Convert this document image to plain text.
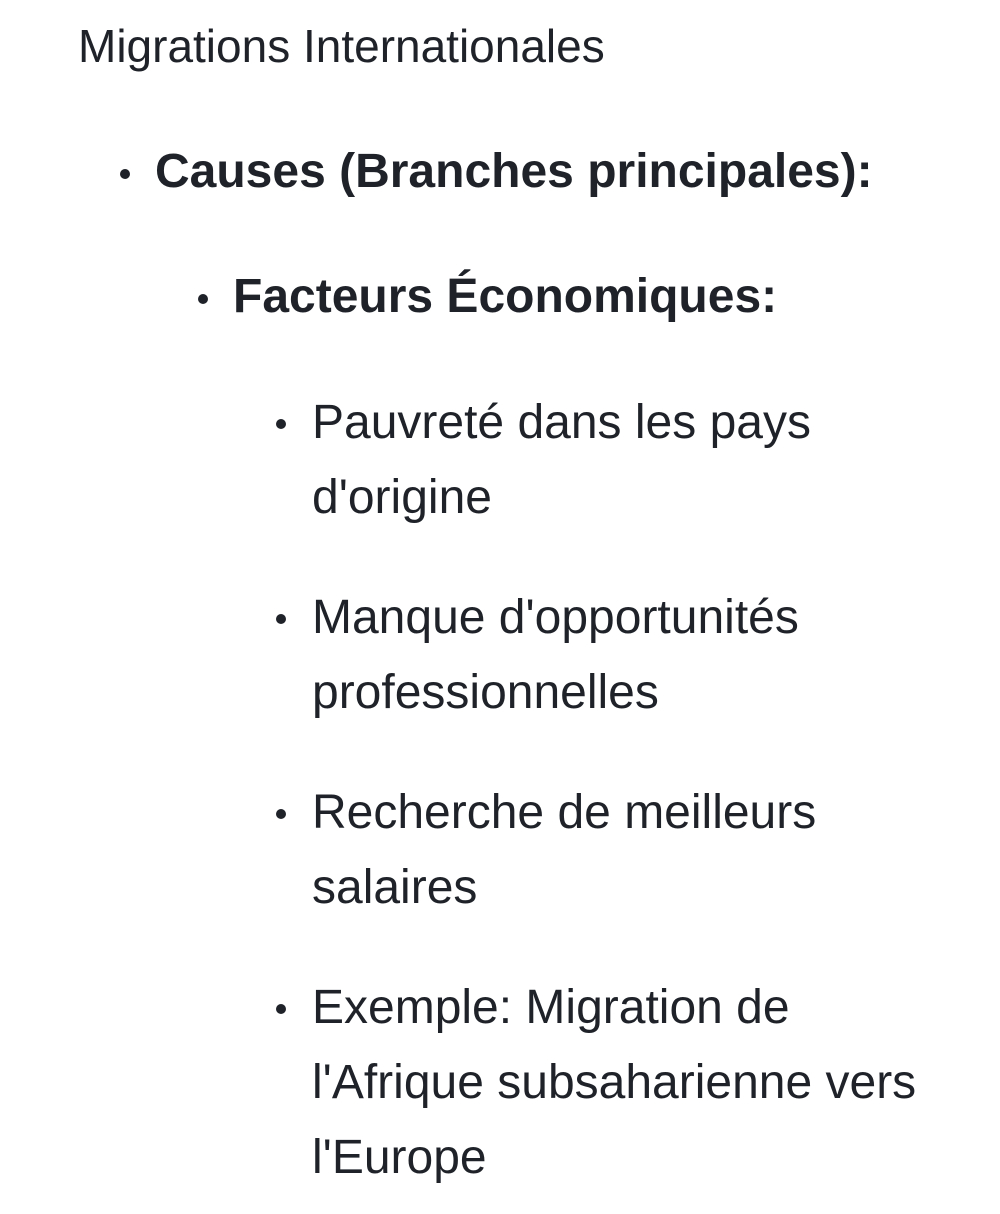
Migrations Internationales
Causes (Branches principales):
Facteurs Économiques:
Pauvreté dans les pays
d'origine
Manque d'opportunités
professionnelles
Recherche de meilleurs
salaires
Exemple: Migration de
l'Afrique subsaharienne vers
l'Europe
